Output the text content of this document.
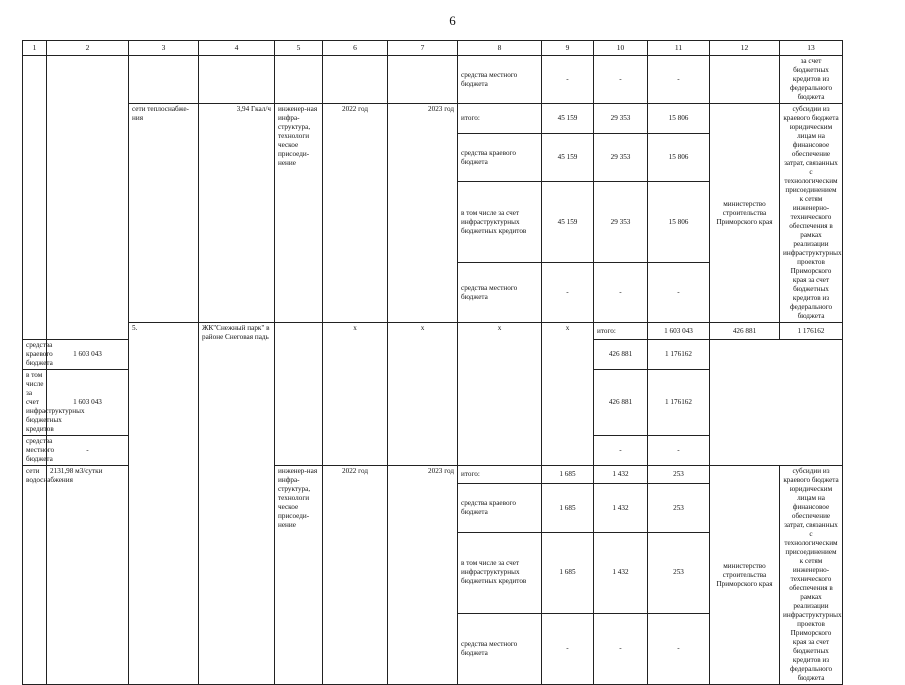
6
1	2	3	4	5	6	7	8	9	10	11	12	13	
							средства местного бюджета	-	-	-		за счет бюджетных кредитов из федерального бюджета	
		сети теплоснабже-ния	3,94 Гкал/ч	инженер-ная инфра-структура, технологи ческое присоеди-нение	2022 год	2023 год	итого:	45 159	29 353	15 806	министерство строительства Приморского края	субсидии из краевого бюджета юридическим лицам на финансовое обеспечение затрат, связанных с технологическим присоединением к сетям инженерно-технического обеспечения в рамках реализации инфраструктурных проектов Приморского края за счет бюджетных кредитов из федерального бюджета	
							средства краевого бюджета	45 159	29 353	15 806			
							в том числе за счет инфраструктурных бюджетных кредитов	45 159	29 353	15 806			
							средства местного бюджета	-	-	-			
		5.	ЖК"Снежный парк" в районе Снеговая падь		х	х	х	х	итого:	1 603 043	426 881	1 176162		
средства краевого бюджета	1 603 043								426 881	1 176162			
в том числе за счет инфраструктурных бюджетных кредитов	1 603 043								426 881	1 176162			
средства местного бюджета	-								-	-			
сети водоснабжения	2131,98 м3/сутки			инженер-ная инфра-структура, технологи ческое присоеди-нение	2022 год	2023 год	итого:	1 685	1 432	253	министерство строительства Приморского края	субсидии из краевого бюджета юридическим лицам на финансовое обеспечение затрат, связанных с технологическим присоединением к сетям инженерно-технического обеспечения в рамках реализации инфраструктурных проектов Приморского края за счет бюджетных кредитов из федерального бюджета	
							средства краевого бюджета	1 685	1 432	253			
							в том числе за счет инфраструктурных бюджетных кредитов	1 685	1 432	253			
							средства местного бюджета	-	-	-			
